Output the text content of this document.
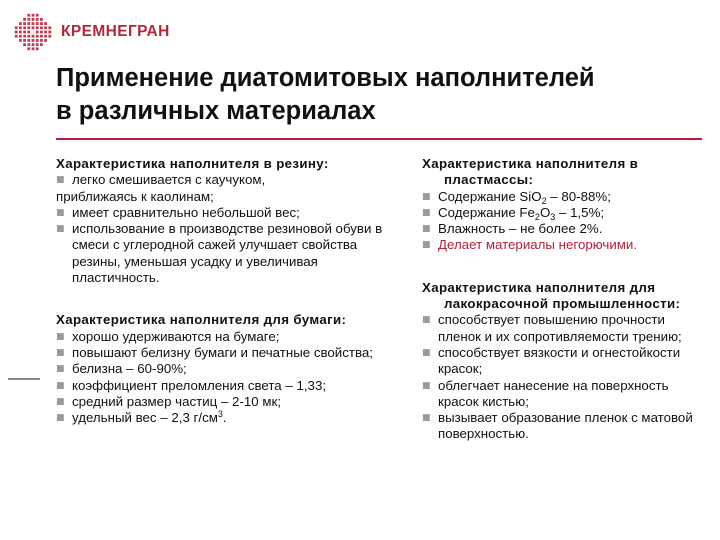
КРЕМНЕГРАН
Применение диатомитовых наполнителей
в различных материалах
Характеристика наполнителя в резину:
■ легко смешивается с каучуком,
приближаясь к каолинам;
■ имеет сравнительно небольшой вес;
■ использование в производстве резиновой обуви в смеси с углеродной сажей улучшает свойства резины, уменьшая усадку и увеличивая пластичность.
Характеристика наполнителя для бумаги:
■ хорошо удерживаются на бумаге;
■ повышают белизну бумаги и печатные свойства;
■ белизна – 60-90%;
■ коэффициент преломления света – 1,33;
■ средний размер частиц – 2-10 мк;
■ удельный вес – 2,3 $г/см^3$.
Характеристика наполнителя в пластмассы:
■ Содержание SiO$_2$ – 80-88%;
■ Содержание $Fe_2O_3 - 1,5\%$;
■ Влажность – не более 2%.
■ Делает материалы негорючими.
Характеристика наполнителя для лакокрасочной промышленности:
■ способствует повышению прочности пленок и их сопротивляемости трению;
■ способствует вязкости и огнестойкости красок;
■ облегчает нанесение на поверхность красок кистью;
■ вызывает образование пленок с матовой поверхностью.
